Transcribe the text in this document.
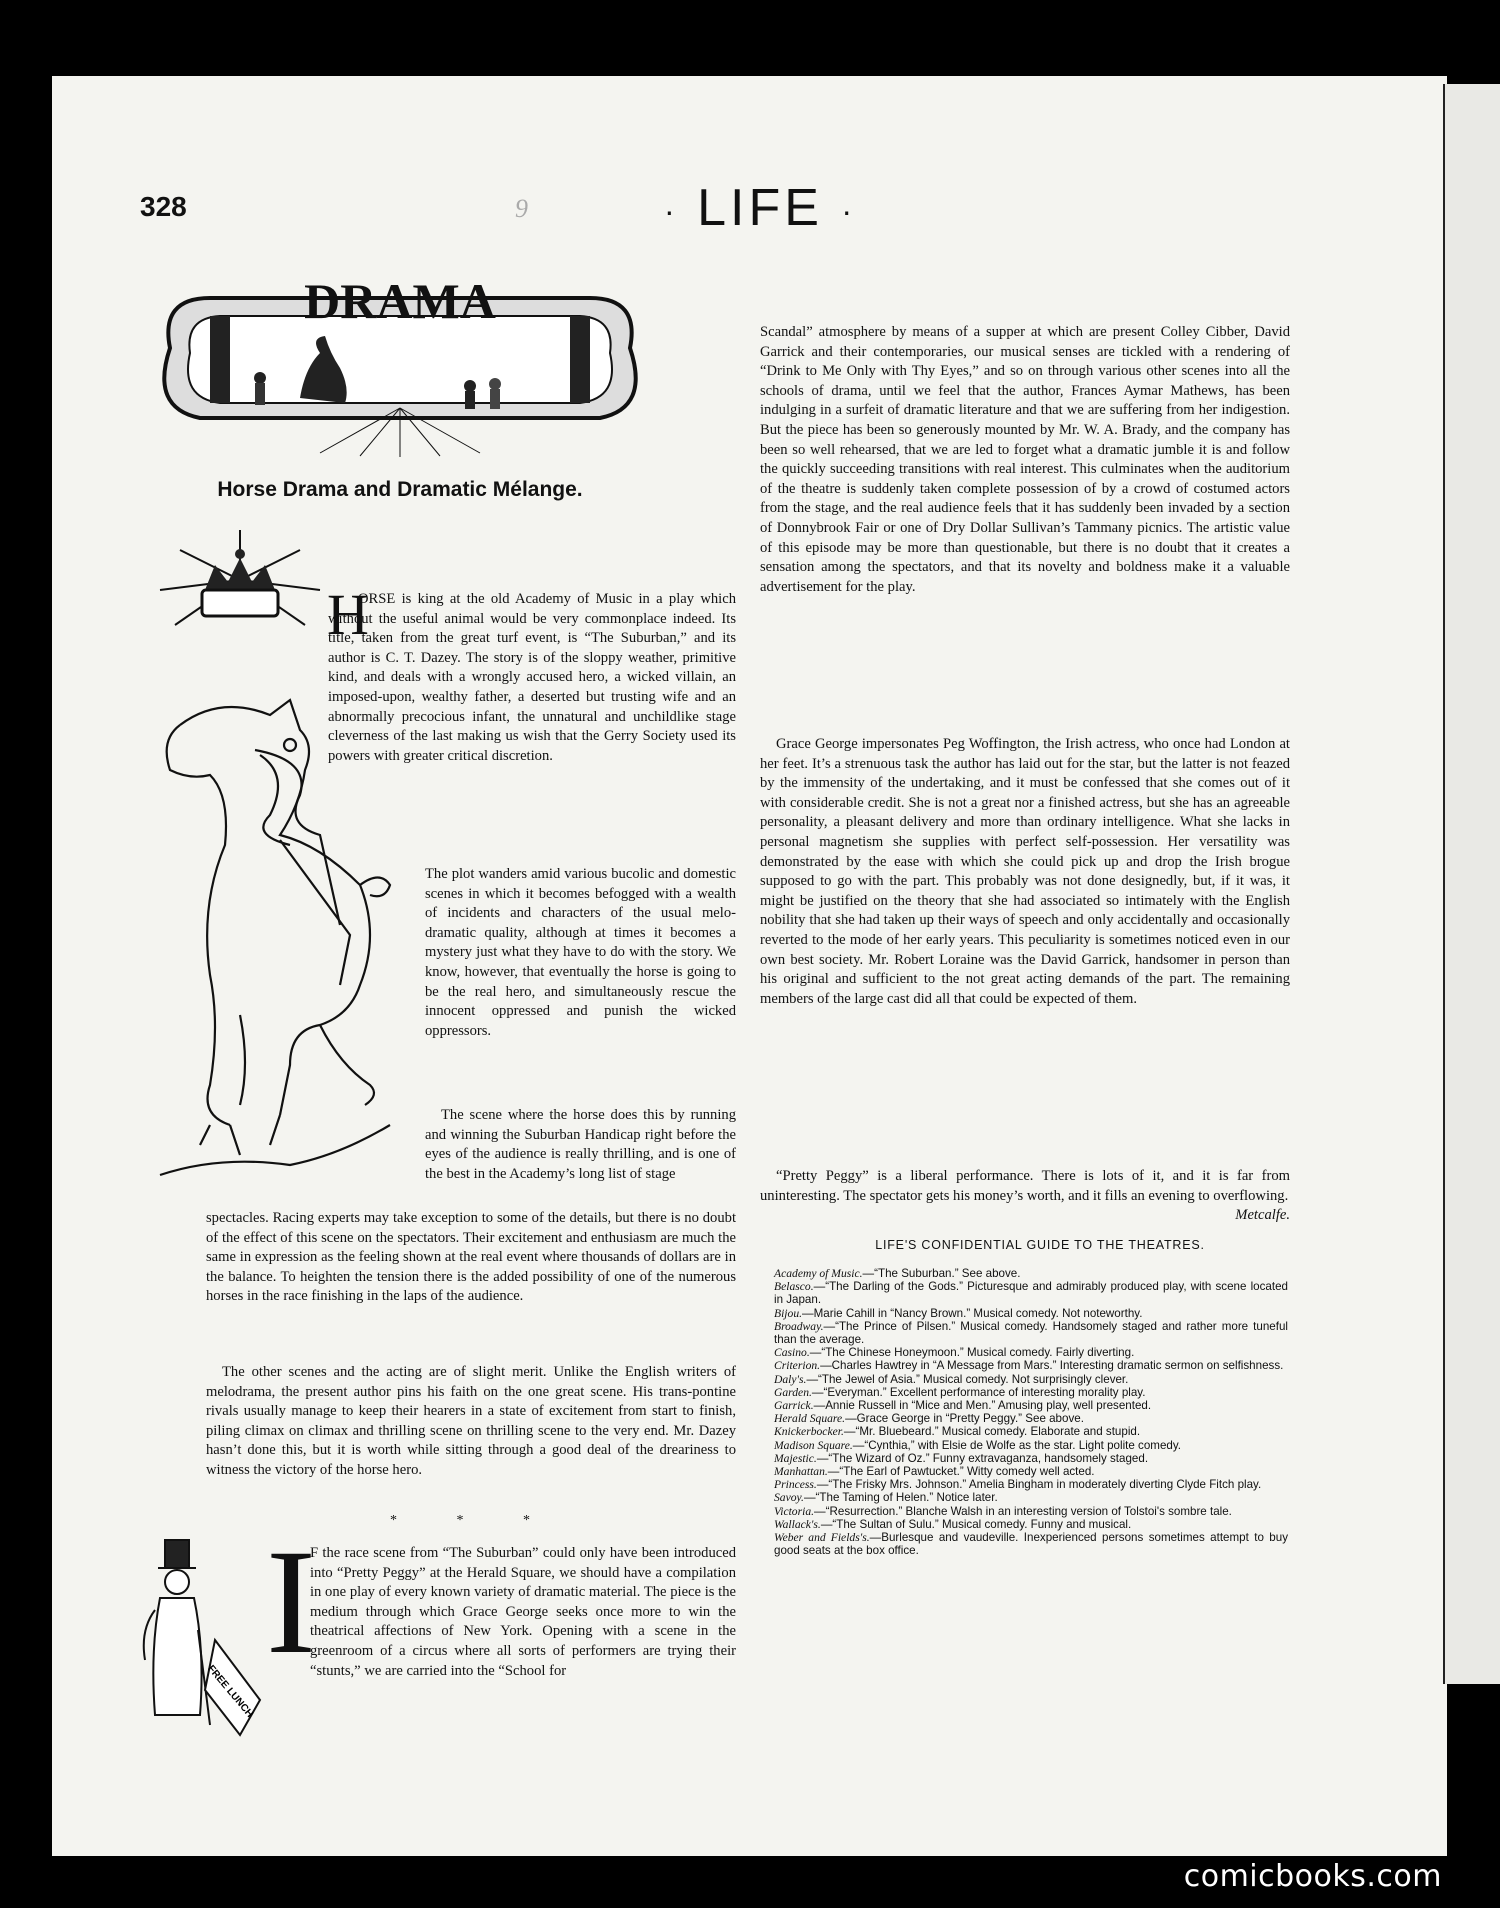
328	9	· LIFE ·
DRAMA
Horse Drama and Dramatic Mélange.
H

ORSE is king at the old Academy of Music in a play which without the useful animal would be very commonplace indeed. Its title, taken from the great turf event, is “The Suburban,” and its author is C. T. Dazey. The story is of the sloppy weather, primitive kind, and deals with a wrongly accused hero, a wicked villain, an imposed-upon, wealthy father, a deserted but trusting wife and an abnormally precocious infant, the unnatural and unchildlike stage cleverness of the last making us wish that the Gerry Society used its powers with greater critical discretion.

The plot wanders amid various bucolic and domestic scenes in which it becomes befogged with a wealth of incidents and characters of the usual melo-dramatic quality, although at times it becomes a mystery just what they have to do with the story. We know, however, that eventually the horse is going to be the real hero, and simultaneously rescue the innocent oppressed and punish the wicked oppressors.

The scene where the horse does this by running and winning the Suburban Handicap right before the eyes of the audience is really thrilling, and is one of the best in the Academy’s long list of stage

spectacles. Racing experts may take exception to some of the details, but there is no doubt of the effect of this scene on the spectators. Their excitement and enthusiasm are much the same in expression as the feeling shown at the real event where thousands of dollars are in the balance. To heighten the tension there is the added possibility of one of the numerous horses in the race finishing in the laps of the audience.

The other scenes and the acting are of slight merit. Unlike the English writers of melodrama, the present author pins his faith on the one great scene. His trans-pontine rivals usually manage to keep their hearers in a state of excitement from start to finish, piling climax on climax and thrilling scene on thrilling scene to the very end. Mr. Dazey hasn’t done this, but it is worth while sitting through a good deal of the dreariness to witness the victory of the horse hero.

* * *
FREE LUNCH
I

F the race scene from “The Suburban” could only have been introduced into “Pretty Peggy” at the Herald Square, we should have a compilation in one play of every known variety of dramatic material. The piece is the medium through which Grace George seeks once more to win the theatrical affections of New York. Opening with a scene in the greenroom of a circus where all sorts of performers are trying their “stunts,” we are carried into the “School for

Scandal” atmosphere by means of a supper at which are present Colley Cibber, David Garrick and their contemporaries, our musical senses are tickled with a rendering of “Drink to Me Only with Thy Eyes,” and so on through various other scenes into all the schools of drama, until we feel that the author, Frances Aymar Mathews, has been indulging in a surfeit of dramatic literature and that we are suffering from her indigestion. But the piece has been so generously mounted by Mr. W. A. Brady, and the company has been so well rehearsed, that we are led to forget what a dramatic jumble it is and follow the quickly succeeding transitions with real interest. This culminates when the auditorium of the theatre is suddenly taken complete possession of by a crowd of costumed actors from the stage, and the real audience feels that it has suddenly been invaded by a section of Donnybrook Fair or one of Dry Dollar Sullivan’s Tammany picnics. The artistic value of this episode may be more than questionable, but there is no doubt that it creates a sensation among the spectators, and that its novelty and boldness make it a valuable advertisement for the play.

Grace George impersonates Peg Woffington, the Irish actress, who once had London at her feet. It’s a strenuous task the author has laid out for the star, but the latter is not feazed by the immensity of the undertaking, and it must be confessed that she comes out of it with considerable credit. She is not a great nor a finished actress, but she has an agreeable personality, a pleasant delivery and more than ordinary intelligence. What she lacks in personal magnetism she supplies with perfect self-possession. Her versatility was demonstrated by the ease with which she could pick up and drop the Irish brogue supposed to go with the part. This probably was not done designedly, but, if it was, it might be justified on the theory that she had associated so intimately with the English nobility that she had taken up their ways of speech and only accidentally and occasionally reverted to the mode of her early years. This peculiarity is sometimes noticed even in our own best society. Mr. Robert Loraine was the David Garrick, handsomer in person than his original and sufficient to the not great acting demands of the part. The remaining members of the large cast did all that could be expected of them.

“Pretty Peggy” is a liberal performance. There is lots of it, and it is far from uninteresting. The spectator gets his money’s worth, and it fills an evening to overflowing.

Metcalfe.
LIFE'S CONFIDENTIAL GUIDE TO THE THEATRES.
Academy of Music.—“The Suburban.” See above.
Belasco.—“The Darling of the Gods.” Picturesque and admirably produced play, with scene located in Japan.
Bijou.—Marie Cahill in “Nancy Brown.” Musical comedy. Not noteworthy.
Broadway.—“The Prince of Pilsen.” Musical comedy. Handsomely staged and rather more tuneful than the average.
Casino.—“The Chinese Honeymoon.” Musical comedy. Fairly diverting.
Criterion.—Charles Hawtrey in “A Message from Mars.” Interesting dramatic sermon on selfishness.
Daly's.—“The Jewel of Asia.” Musical comedy. Not surprisingly clever.
Garden.—“Everyman.” Excellent performance of interesting morality play.
Garrick.—Annie Russell in “Mice and Men.” Amusing play, well presented.
Herald Square.—Grace George in “Pretty Peggy.” See above.
Knickerbocker.—“Mr. Bluebeard.” Musical comedy. Elaborate and stupid.
Madison Square.—“Cynthia,” with Elsie de Wolfe as the star. Light polite comedy.
Majestic.—“The Wizard of Oz.” Funny extravaganza, handsomely staged.
Manhattan.—“The Earl of Pawtucket.” Witty comedy well acted.
Princess.—“The Frisky Mrs. Johnson.” Amelia Bingham in moderately diverting Clyde Fitch play.
Savoy.—“The Taming of Helen.” Notice later.
Victoria.—“Resurrection.” Blanche Walsh in an interesting version of Tolstoi's sombre tale.
Wallack's.—“The Sultan of Sulu.” Musical comedy. Funny and musical.
Weber and Fields's.—Burlesque and vaudeville. Inexperienced persons sometimes attempt to buy good seats at the box office.
comicbooks.com
